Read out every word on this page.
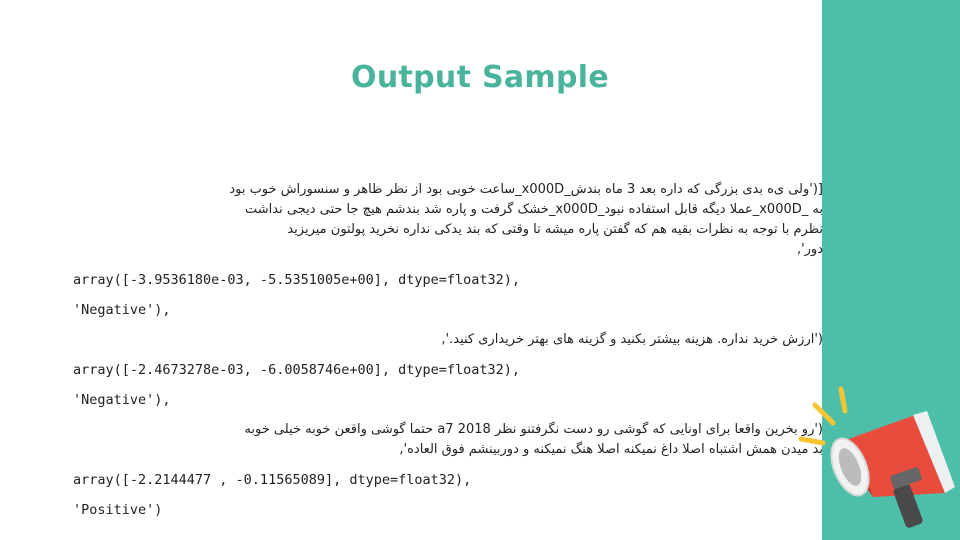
Output Sample
[('ولی ی‌ه بدی بزرگی که داره بعد 3 ماه بندش_x000D_ساعت خوبی بود از نظر ظاهر و سنسوراش خوب بود
به _x000D_عملا دیگه قابل استفاده نبود_x000D_خشک گرفت و پاره شد بندشم هیچ جا حتی دیجی نداشت
نظرم با توجه به نظرات بقیه هم که گفتن پاره میشه تا وقتی که بند یدکی نداره نخرید پولتون میریزید
دور',
array([-3.9536180e-03, -5.5351005e+00], dtype=float32),
'Negative'),
('ارزش خرید نداره. هزینه بیشتر بکنید و گزینه های بهتر خریداری کنید.',
array([-2.4673278e-03, -6.0058746e+00], dtype=float32),
'Negative'),
('رو بخرین واقعا برای اونایی که گوشی رو دست نگرفتنو نظر 2018 a7 حتما گوشی واقعن خوبه خیلی خوبه
بد میدن همش اشتباه اصلا داغ نمیکنه اصلا هنگ نمیکنه و دوربینشم فوق العاده',
array([-2.2144477 , -0.11565089], dtype=float32),
'Positive')
